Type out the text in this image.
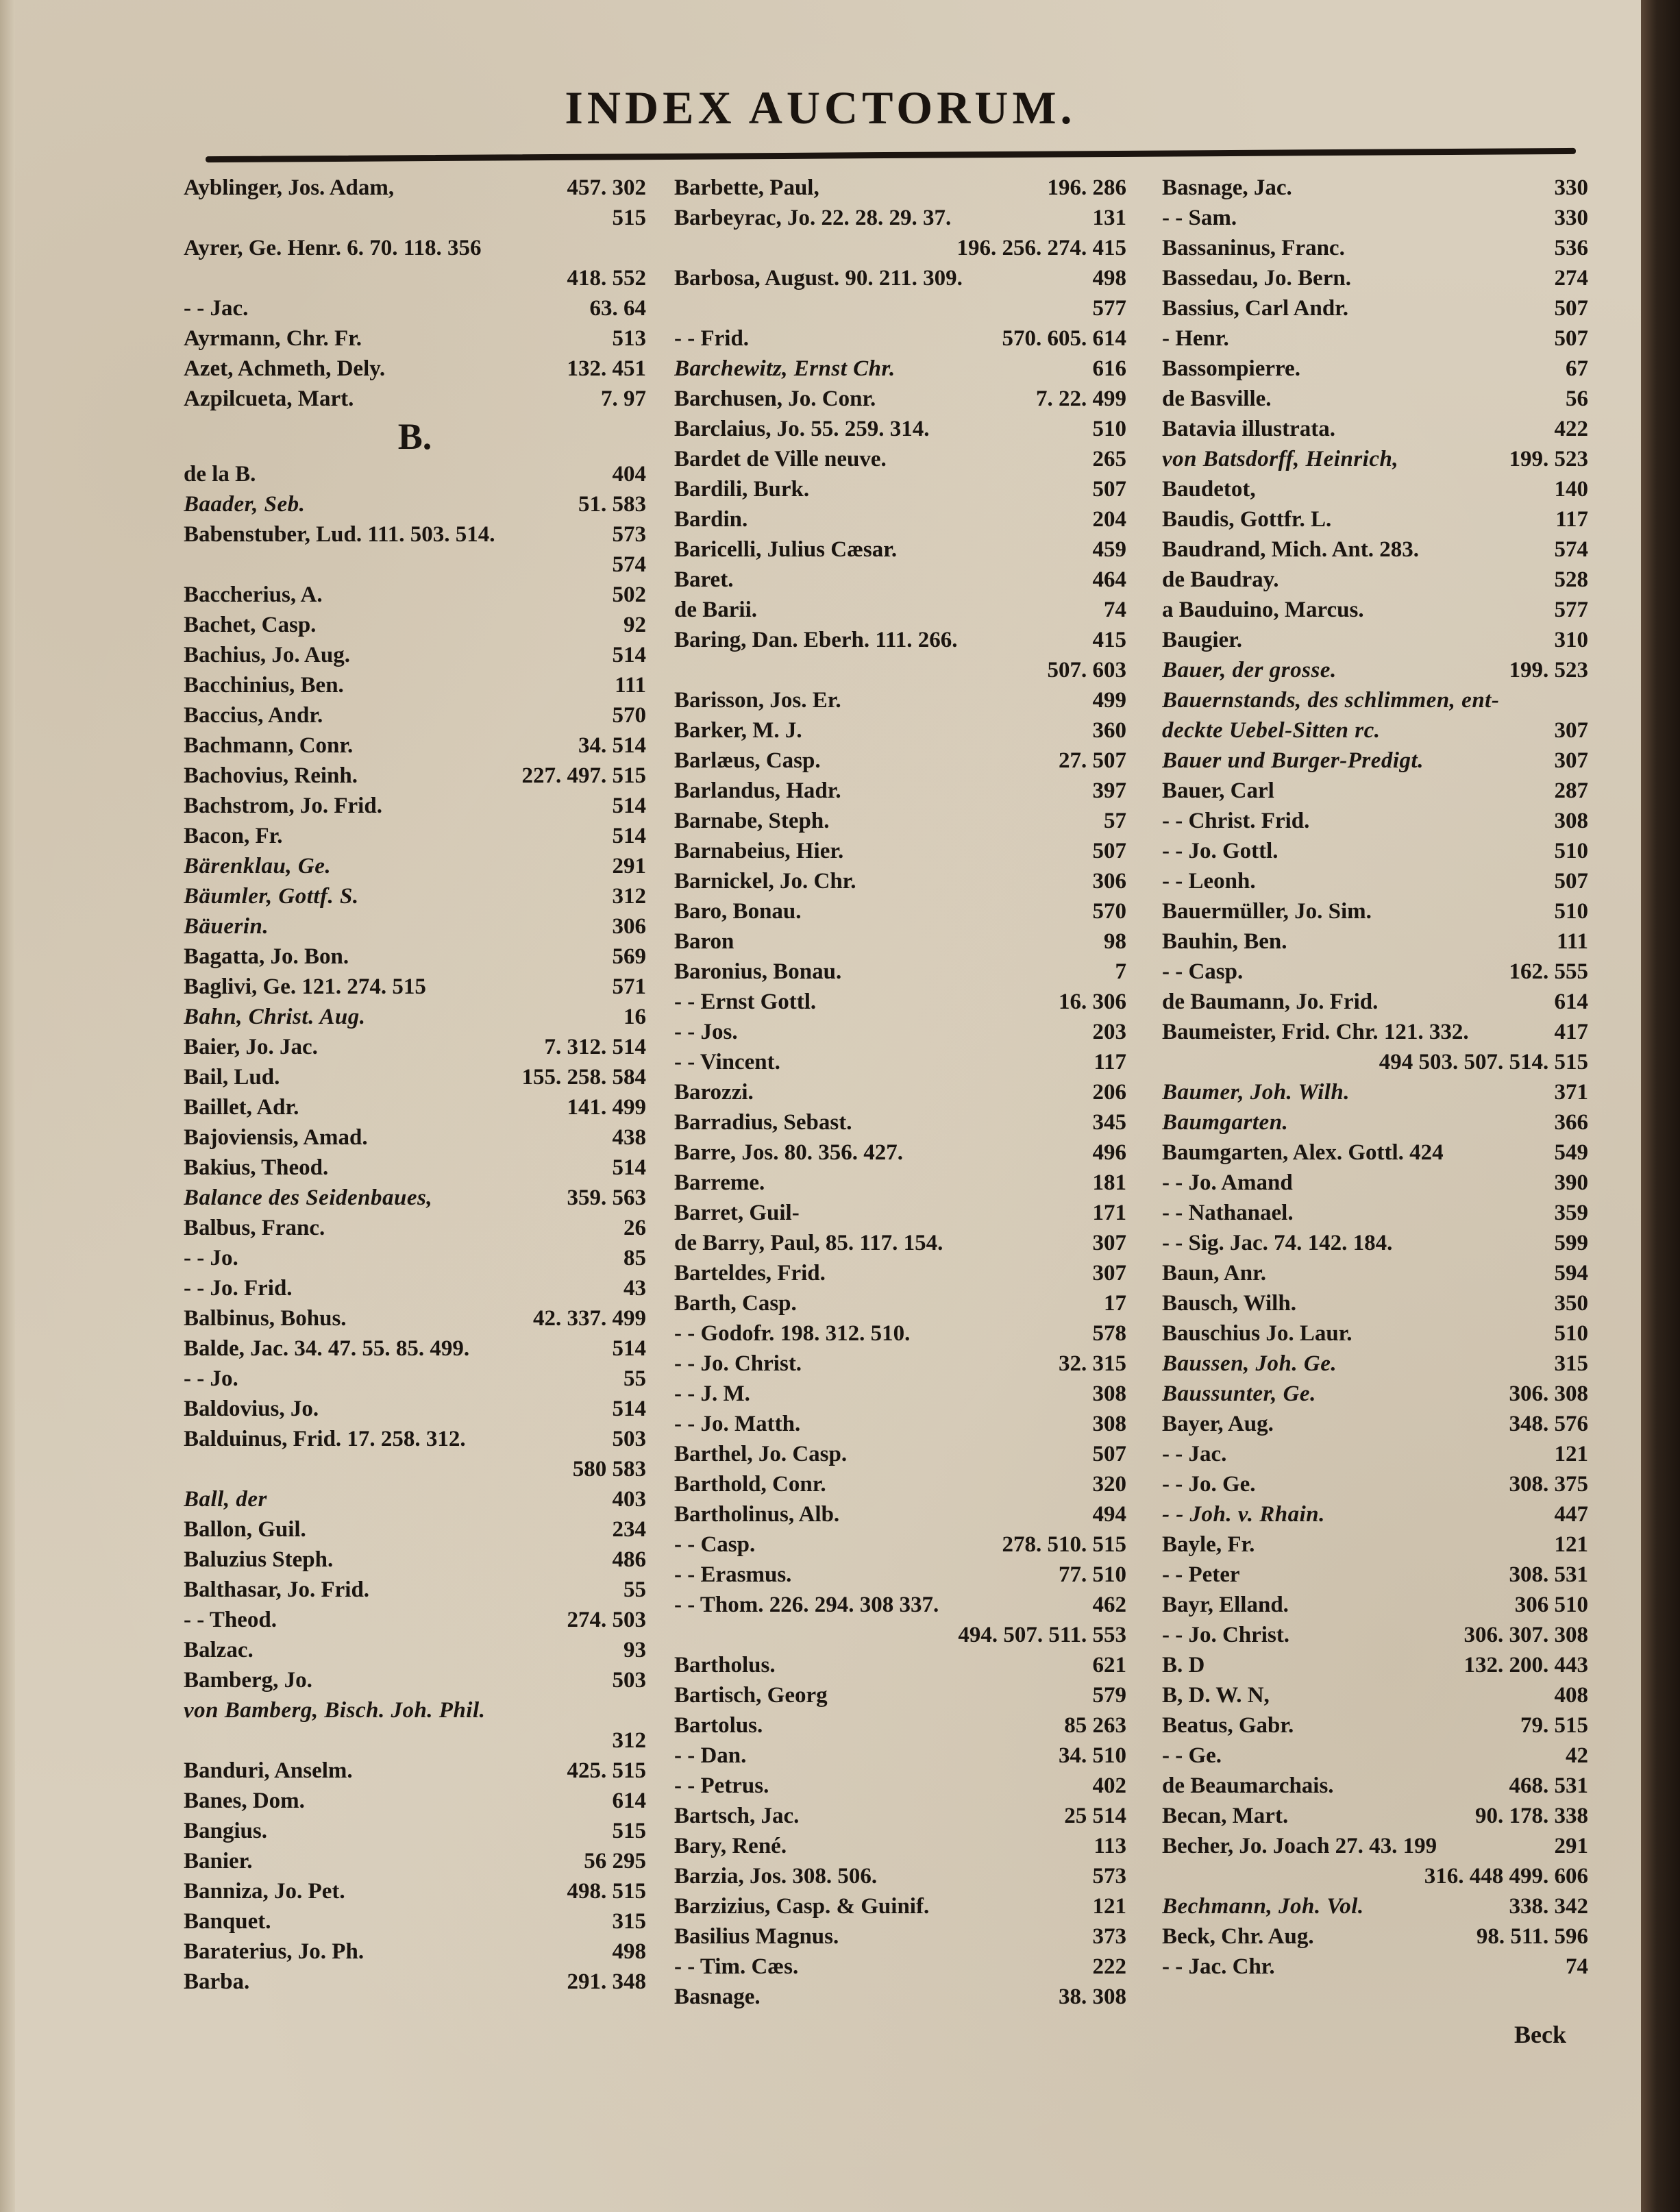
INDEX AUCTORUM.
Ayblinger, Jos. Adam,	457. 302
515
Ayrer, Ge. Henr. 6. 70. 118. 356
418. 552
- - Jac.	63. 64
Ayrmann, Chr. Fr.	513
Azet, Achmeth, Dely.	132. 451
Azpilcueta, Mart.	7. 97
B.
de la B.	404
Baader, Seb.	51. 583
Babenstuber, Lud. 111. 503. 514.	573
574
Baccherius, A.	502
Bachet, Casp.	92
Bachius, Jo. Aug.	514
Bacchinius, Ben.	111
Baccius, Andr.	570
Bachmann, Conr.	34. 514
Bachovius, Reinh.	227. 497. 515
Bachstrom, Jo. Frid.	514
Bacon, Fr.	514
Bärenklau, Ge.	291
Bäumler, Gottf. S.	312
Bäuerin.	306
Bagatta, Jo. Bon.	569
Baglivi, Ge. 121. 274. 515	571
Bahn, Christ. Aug.	16
Baier, Jo. Jac.	7. 312. 514
Bail, Lud.	155. 258. 584
Baillet, Adr.	141. 499
Bajoviensis, Amad.	438
Bakius, Theod.	514
Balance des Seidenbaues,	359. 563
Balbus, Franc.	26
- - Jo.	85
- - Jo. Frid.	43
Balbinus, Bohus.	42. 337. 499
Balde, Jac. 34. 47. 55. 85. 499.	514
- - Jo.	55
Baldovius, Jo.	514
Balduinus, Frid. 17. 258. 312.	503
580 583
Ball, der	403
Ballon, Guil.	234
Baluzius Steph.	486
Balthasar, Jo. Frid.	55
- - Theod.	274. 503
Balzac.	93
Bamberg, Jo.	503
von Bamberg, Bisch. Joh. Phil.
312
Banduri, Anselm.	425. 515
Banes, Dom.	614
Bangius.	515
Banier.	56 295
Banniza, Jo. Pet.	498. 515
Banquet.	315
Baraterius, Jo. Ph.	498
Barba.	291. 348
Barbette, Paul,	196. 286
Barbeyrac, Jo. 22. 28. 29. 37.	131
196. 256. 274. 415
Barbosa, August. 90. 211. 309.	498
577
- - Frid.	570. 605. 614
Barchewitz, Ernst Chr.	616
Barchusen, Jo. Conr.	7. 22. 499
Barclaius, Jo. 55. 259. 314.	510
Bardet de Ville neuve.	265
Bardili, Burk.	507
Bardin.	204
Baricelli, Julius Cæsar.	459
Baret.	464
de Barii.	74
Baring, Dan. Eberh. 111. 266.	415
507. 603
Barisson, Jos. Er.	499
Barker, M. J.	360
Barlæus, Casp.	27. 507
Barlandus, Hadr.	397
Barnabe, Steph.	57
Barnabeius, Hier.	507
Barnickel, Jo. Chr.	306
Baro, Bonau.	570
Baron	98
Baronius, Bonau.	7
- - Ernst Gottl.	16. 306
- - Jos.	203
- - Vincent.	117
Barozzi.	206
Barradius, Sebast.	345
Barre, Jos. 80. 356. 427.	496
Barreme.	181
Barret, Guil-	171
de Barry, Paul, 85. 117. 154.	307
Barteldes, Frid.	307
Barth, Casp.	17
- - Godofr. 198. 312. 510.	578
- - Jo. Christ.	32. 315
- - J. M.	308
- - Jo. Matth.	308
Barthel, Jo. Casp.	507
Barthold, Conr.	320
Bartholinus, Alb.	494
- - Casp.	278. 510. 515
- - Erasmus.	77. 510
- - Thom. 226. 294. 308 337.	462
494. 507. 511. 553
Bartholus.	621
Bartisch, Georg	579
Bartolus.	85 263
- - Dan.	34. 510
- - Petrus.	402
Bartsch, Jac.	25 514
Bary, René.	113
Barzia, Jos. 308. 506.	573
Barzizius, Casp. & Guinif.	121
Basilius Magnus.	373
- - Tim. Cæs.	222
Basnage.	38. 308
Basnage, Jac.	330
- - Sam.	330
Bassaninus, Franc.	536
Bassedau, Jo. Bern.	274
Bassius, Carl Andr.	507
- Henr.	507
Bassompierre.	67
de Basville.	56
Batavia illustrata.	422
von Batsdorff, Heinrich,	199. 523
Baudetot,	140
Baudis, Gottfr. L.	117
Baudrand, Mich. Ant. 283.	574
de Baudray.	528
a Bauduino, Marcus.	577
Baugier.	310
Bauer, der grosse.	199. 523
Bauernstands, des schlimmen, ent-
deckte Uebel-Sitten rc.	307
Bauer und Burger-Predigt.	307
Bauer, Carl	287
- - Christ. Frid.	308
- - Jo. Gottl.	510
- - Leonh.	507
Bauermüller, Jo. Sim.	510
Bauhin, Ben.	111
- - Casp.	162. 555
de Baumann, Jo. Frid.	614
Baumeister, Frid. Chr. 121. 332.	417
494 503. 507. 514. 515
Baumer, Joh. Wilh.	371
Baumgarten.	366
Baumgarten, Alex. Gottl. 424	549
- - Jo. Amand	390
- - Nathanael.	359
- - Sig. Jac. 74. 142. 184.	599
Baun, Anr.	594
Bausch, Wilh.	350
Bauschius Jo. Laur.	510
Baussen, Joh. Ge.	315
Baussunter, Ge.	306. 308
Bayer, Aug.	348. 576
- - Jac.	121
- - Jo. Ge.	308. 375
- - Joh. v. Rhain.	447
Bayle, Fr.	121
- - Peter	308. 531
Bayr, Elland.	306 510
- - Jo. Christ.	306. 307. 308
B. D	132. 200. 443
B, D. W. N,	408
Beatus, Gabr.	79. 515
- - Ge.	42
de Beaumarchais.	468. 531
Becan, Mart.	90. 178. 338
Becher, Jo. Joach 27. 43. 199	291
316. 448 499. 606
Bechmann, Joh. Vol.	338. 342
Beck, Chr. Aug.	98. 511. 596
- - Jac. Chr.	74
Beck
